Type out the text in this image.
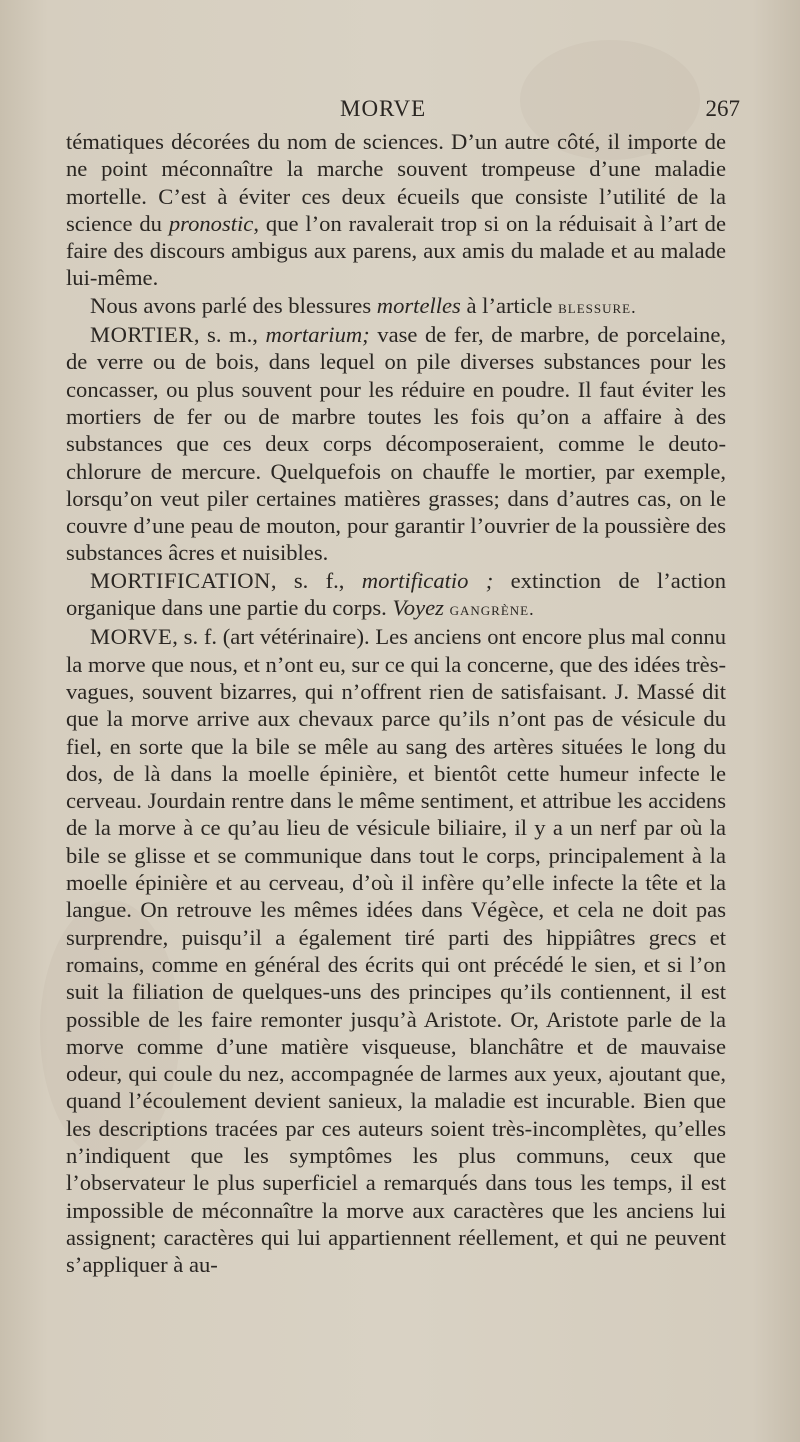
MORVE	267

tématiques décorées du nom de sciences. D’un autre côté, il importe de ne point méconnaître la marche souvent trompeuse d’une maladie mortelle. C’est à éviter ces deux écueils que consiste l’utilité de la science du pronostic, que l’on ravalerait trop si on la réduisait à l’art de faire des discours ambigus aux parens, aux amis du malade et au malade lui-même.

Nous avons parlé des blessures mortelles à l’article blessure.

MORTIER, s. m., mortarium; vase de fer, de marbre, de porcelaine, de verre ou de bois, dans lequel on pile diverses substances pour les concasser, ou plus souvent pour les réduire en poudre. Il faut éviter les mortiers de fer ou de marbre toutes les fois qu’on a affaire à des substances que ces deux corps décomposeraient, comme le deuto-chlorure de mercure. Quelquefois on chauffe le mortier, par exemple, lorsqu’on veut piler certaines matières grasses; dans d’autres cas, on le couvre d’une peau de mouton, pour garantir l’ouvrier de la poussière des substances âcres et nuisibles.

MORTIFICATION, s. f., mortificatio ; extinction de l’action organique dans une partie du corps. Voyez gangrène.

MORVE, s. f. (art vétérinaire). Les anciens ont encore plus mal connu la morve que nous, et n’ont eu, sur ce qui la concerne, que des idées très-vagues, souvent bizarres, qui n’offrent rien de satisfaisant. J. Massé dit que la morve arrive aux chevaux parce qu’ils n’ont pas de vésicule du fiel, en sorte que la bile se mêle au sang des artères situées le long du dos, de là dans la moelle épinière, et bientôt cette humeur infecte le cerveau. Jourdain rentre dans le même sentiment, et attribue les accidens de la morve à ce qu’au lieu de vésicule biliaire, il y a un nerf par où la bile se glisse et se communique dans tout le corps, principalement à la moelle épinière et au cerveau, d’où il infère qu’elle infecte la tête et la langue. On retrouve les mêmes idées dans Végèce, et cela ne doit pas surprendre, puisqu’il a également tiré parti des hippiâtres grecs et romains, comme en général des écrits qui ont précédé le sien, et si l’on suit la filiation de quelques-uns des principes qu’ils contiennent, il est possible de les faire remonter jusqu’à Aristote. Or, Aristote parle de la morve comme d’une matière visqueuse, blanchâtre et de mauvaise odeur, qui coule du nez, accompagnée de larmes aux yeux, ajoutant que, quand l’écoulement devient sanieux, la maladie est incurable. Bien que les descriptions tracées par ces auteurs soient très-incomplètes, qu’elles n’indiquent que les symptômes les plus communs, ceux que l’observateur le plus superficiel a remarqués dans tous les temps, il est impossible de méconnaître la morve aux caractères que les anciens lui assignent; caractères qui lui appartiennent réellement, et qui ne peuvent s’appliquer à au-
